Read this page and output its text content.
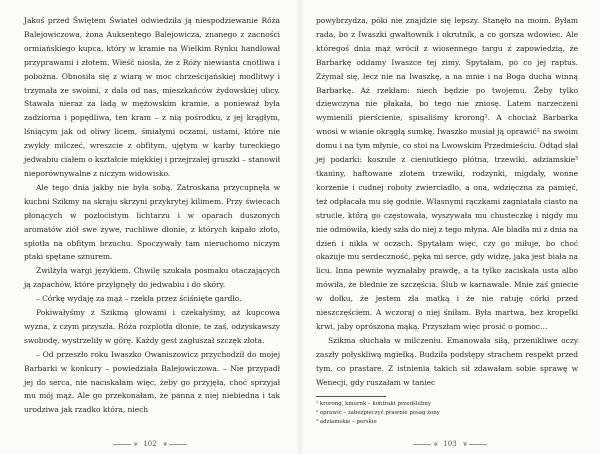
Jakoś przed Świętem Świateł odwiedziła ją niespodziewanie Róża Balejowiczowa, żona Auksentego Balejowicza, znanego z zacności ormiańskiego kupca, który w kramie na Wielkim Rynku handlował przyprawami i złotem. Wieść niosła, że z Róży niewiasta cnotliwa i pobożna. Obnosiła się z wiarą w moc chrześcijańskiej modlitwy i trzymała ze swoimi, z dala od nas, mieszkańców żydowskiej ulicy. Stawała nieraz za ladą w mężowskim kramie, a ponieważ była zadziorna i popędliwa, ten kram – z nią pośrodku, z jej krągłym, lśniącym jak od oliwy licem, śmiałymi oczami, ustami, które nie zwykły milczeć, wreszcie z obfitym, ujętym w karby tureckiego jedwabiu ciałem o kształcie miękkiej i przejrzałej gruszki – stanowił nieporównywalne z niczym widowisko.

Ale tego dnia jakby nie była sobą. Zatroskana przycupnęła w kuchni Szikmy na skraju skrzyni przykrytej kilimem. Przy świecach płonących w pozłocistym lichtarzu i w oparach duszonych aromatów ziół swe żywe, ruchliwe dłonie, z których kapało złoto, splotła na obfitym brzuchu. Spoczywały tam nieruchomo niczym ptaki spętane sznurem.

Zwilżyła wargi językiem. Chwilę szukała posmaku otaczających ją zapachów, które przylgnęły do jedwabiu i do skóry.

– Córkę wydaję za mąż – rzekła przez ściśnięte gardło.

Pokiwałyśmy z Szikmą głowami i czekałyśmy, aż kupcowa wyzna, z czym przyszła. Róża rozplotła dłonie, te zaś, odzyskawszy swobodę, wystrzeliły w górę. Każdy gest zagłuszał szczęk złota.

– Od przeszło roku Iwaszko Owaniszowicz przychodził do mojej Barbarki w konkury – powiedziała Balejowiczowa. – Nie przypadł jej do serca, nie naciskałam więc, żeby go przyjęła, choć sprzyjał mu mój mąż. Ale go przekonałam, że panna z niej niebiedna i tak urodziwa jak rzadko która, niech

❦ 102 ❦

powybrzydza, póki nie znajdzie się lepszy. Stanęło na moim. Byłam rada, bo z Iwaszki gwałtownik i okrutnik, a co gorsza wdowiec. Ale któregoś dnia mąż wrócił z wiosennego targu z zapowiedzią, że Barbarkę oddamy Iwaszce tej zimy. Spytałam, po co jej raptus. Zżymał się, lecz nie na Iwaszkę, a na mnie i na Boga ducha winną Barbarkę. Aż rzekłam: niech będzie po twojemu. Żeby tylko dziewczyna nie płakała, bo tego nie zniosę. Latem narzeczeni wymienili pierścienie, spisaliśmy krorong¹. A chociaż Barbarka wnosi w wianie okrągłą sumkę, Iwaszko musiał ją oprawić² na swoim domu i na tym młynie, co stoi na Lwowskim Przedmieściu. Odtąd słał jej podarki: koszule z cieniutkiego płótna, trzewiki, adziamskie³ tkaniny, haftowane złotem trzewiki, rodzynki, migdały, wonne korzenie i cudnej roboty zwierciadło, a ona, wdzięczna za pamięć, też odpłacała mu się godnie. Własnymi rączkami zagniatała ciasto na strucle, którą go częstowała, wyszywała mu chusteczkę i nigdy mu nie odmówiła, kiedy szła do niej z tego młyna. Ale bladła mi z dnia na dzień i nikła w oczach. Spytałam więc, czy go miłuje, bo choć okazuje mu serdeczność, pęka mi serce, gdy widzę, jaka jest biała na licu. Inna pewnie wyznałaby prawdę, a ta tylko zaciskała usta albo mówiła, że blednie ze szczęścia. Ślub w karnawale. Mnie zaś gniecie w dołku, że jestem zła matką i że nie ratuję córki przed nieszczęściem. A wczoraj o niej śniłam. Była martwa, bez kropelki krwi, jaby oprószona mąką. Przyszłam więc prosić o pomoc…

Szikma słuchała w milczeniu. Emanowała siłą, przenikliwe oczy zaszły połyskliwą mgiełką. Budziła podstępy strachem respekt przed tym, co prastare. Z istnienia takich sił zdawałam sobie sprawę w Wenecji, gdy ruszałam w taniec

¹ krorong, kmurnk – kontrakt przedślubny

² oprawić – zabezpieczyć prawnie posag żony

³ adziamskie – perskie

❦ 103 ❦
